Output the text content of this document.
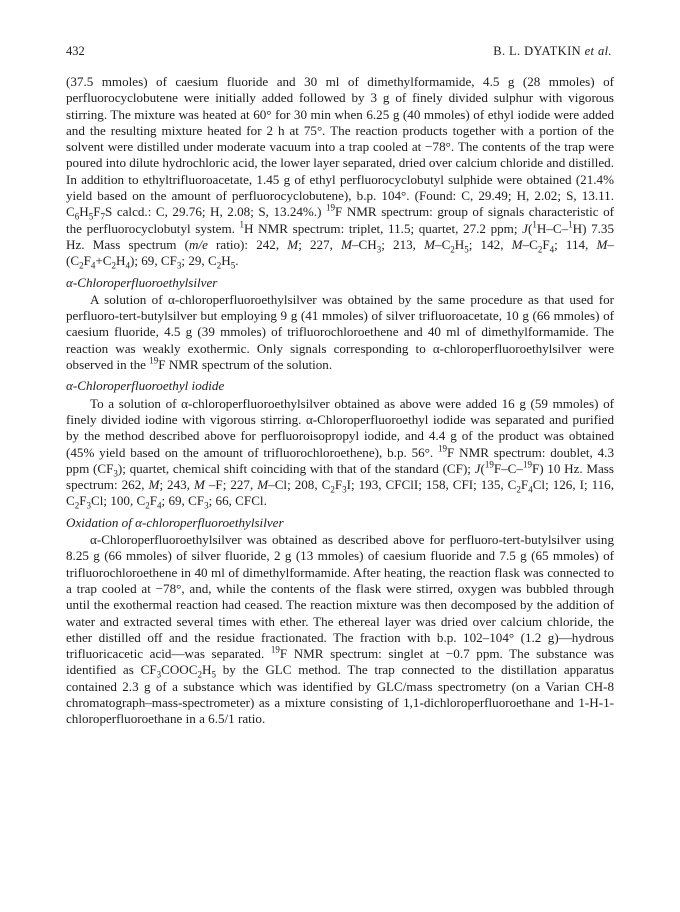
432	B. L. DYATKIN et al.

(37.5 mmoles) of caesium fluoride and 30 ml of dimethylformamide, 4.5 g (28 mmoles) of perfluorocyclobutene were initially added followed by 3 g of finely divided sulphur with vigorous stirring. The mixture was heated at 60° for 30 min when 6.25 g (40 mmoles) of ethyl iodide were added and the resulting mixture heated for 2 h at 75°. The reaction products together with a portion of the solvent were distilled under moderate vacuum into a trap cooled at −78°. The contents of the trap were poured into dilute hydrochloric acid, the lower layer separated, dried over calcium chloride and distilled. In addition to ethyltrifluoroacetate, 1.45 g of ethyl perfluorocyclobutyl sulphide were obtained (21.4% yield based on the amount of perfluorocyclobutene), b.p. 104°. (Found: C, 29.49; H, 2.02; S, 13.11. $C_6H_5F_7S$ calcd.: C, 29.76; H, 2.08; S, 13.24%.) $^{19}$F NMR spectrum: group of signals characteristic of the perfluorocyclobutyl system. $^1$H NMR spectrum: triplet, 11.5; quartet, 27.2 ppm; J($^1$H–C–$^1$H) 7.35 Hz. Mass spectrum (m/e ratio): 242, M; 227, $M-CH_3$; 213, $M-C_2H_5$; 142, $M-C_2F_4$; 114, $M-(C_2F_4+C_2H_4)$; 69, $CF_3$; 29, $C_2H_5$.

α-Chloroperfluoroethylsilver

A solution of α-chloroperfluoroethylsilver was obtained by the same procedure as that used for perfluoro-tert-butylsilver but employing 9 g (41 mmoles) of silver trifluoroacetate, 10 g (66 mmoles) of caesium fluoride, 4.5 g (39 mmoles) of trifluorochloroethene and 40 ml of dimethylformamide. The reaction was weakly exothermic. Only signals corresponding to α-chloroperfluoroethylsilver were observed in the $^{19}$F NMR spectrum of the solution.

α-Chloroperfluoroethyl iodide

To a solution of α-chloroperfluoroethylsilver obtained as above were added 16 g (59 mmoles) of finely divided iodine with vigorous stirring. α-Chloroperfluoroethyl iodide was separated and purified by the method described above for perfluoroisopropyl iodide, and 4.4 g of the product was obtained (45% yield based on the amount of trifluorochloroethene), b.p. 56°. $^{19}$F NMR spectrum: doublet, 4.3 ppm $(CF_3)$; quartet, chemical shift coinciding with that of the standard (CF); J($^{19}$F–C–$^{19}$F) 10 Hz. Mass spectrum: 262, M; 243, M –F; 227, M–Cl; 208, $C_2F_3I$; 193, CFClI; 158, CFI; 135, $C_2F_4Cl$; 126, I; 116, $C_2F_3Cl$; 100, $C_2F_4$; 69, $CF_3$; 66, CFCl.

Oxidation of α-chloroperfluoroethylsilver

α-Chloroperfluoroethylsilver was obtained as described above for perfluoro-tert-butylsilver using 8.25 g (66 mmoles) of silver fluoride, 2 g (13 mmoles) of caesium fluoride and 7.5 g (65 mmoles) of trifluorochloroethene in 40 ml of dimethylformamide. After heating, the reaction flask was connected to a trap cooled at −78°, and, while the contents of the flask were stirred, oxygen was bubbled through until the exothermal reaction had ceased. The reaction mixture was then decomposed by the addition of water and extracted several times with ether. The ethereal layer was dried over calcium chloride, the ether distilled off and the residue fractionated. The fraction with b.p. 102–104° (1.2 g)—hydrous trifluoricacetic acid—was separated. $^{19}$F NMR spectrum: singlet at −0.7 ppm. The substance was identified as $CF_3COOC_2H_5$ by the GLC method. The trap connected to the distillation apparatus contained 2.3 g of a substance which was identified by GLC/mass spectrometry (on a Varian CH-8 chromatograph–mass-spectrometer) as a mixture consisting of 1,1-dichloroperfluoroethane and 1-H-1-chloroperfluoroethane in a 6.5/1 ratio.
